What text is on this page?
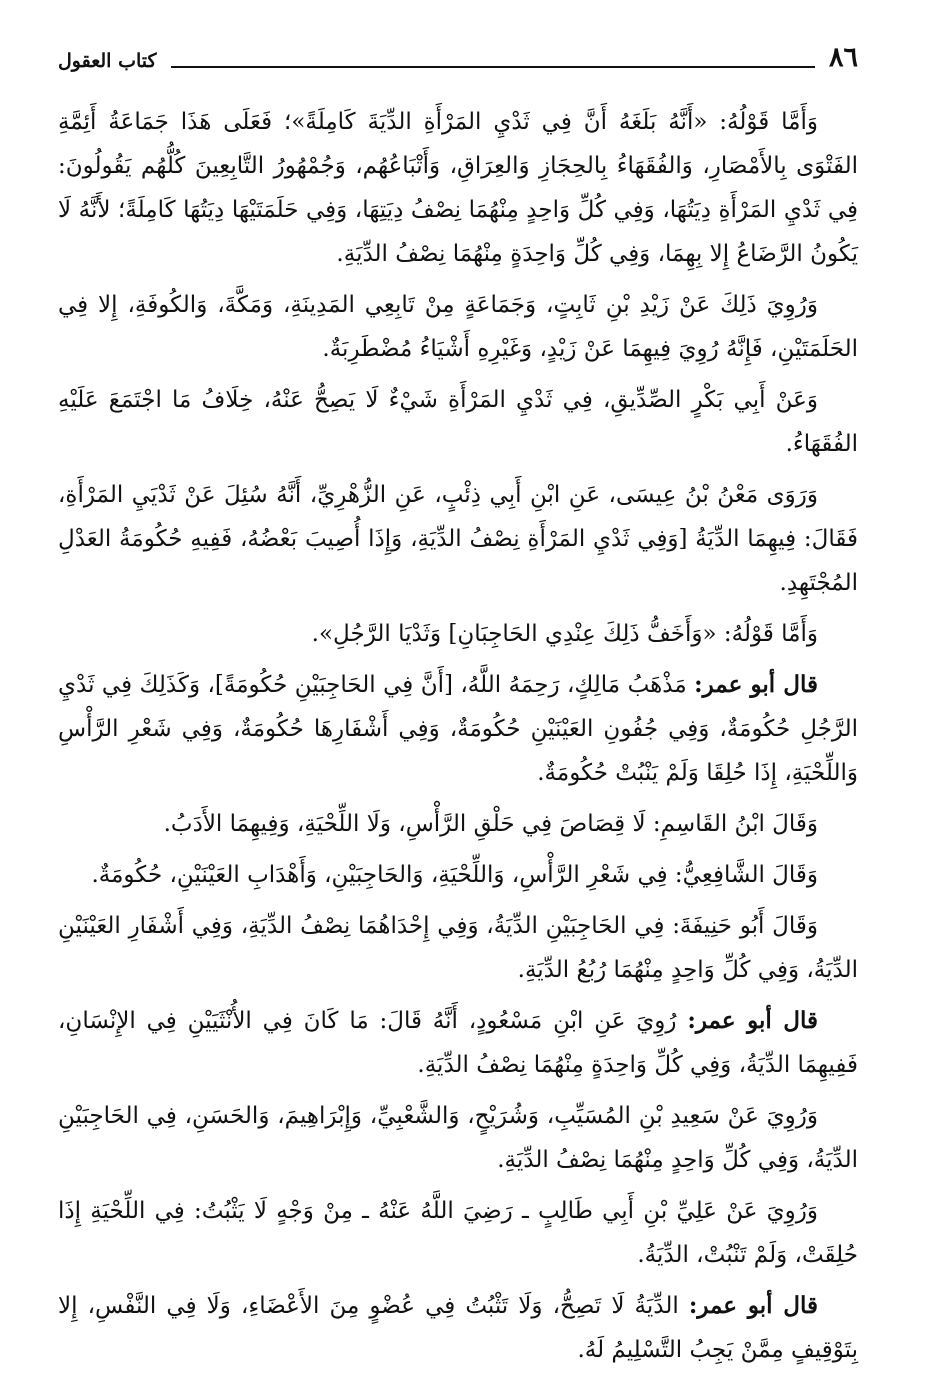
٨٦
كتاب العقول

وَأَمَّا قَوْلُهُ: «أَنَّهُ بَلَغَهُ أَنَّ فِي ثَدْيِ المَرْأَةِ الدِّيَةَ كَامِلَةً»؛ فَعَلَى هَذَا جَمَاعَةُ أَئِمَّةِ الفَتْوَى بِالأَمْصَارِ، وَالفُقَهَاءُ بِالحِجَازِ وَالعِرَاقِ، وَأَتْبَاعُهُم، وَجُمْهُورُ التَّابِعِينَ كُلُّهُم يَقُولُونَ: فِي ثَدْيِ المَرْأَةِ دِيَتُهَا، وَفِي كُلِّ وَاحِدٍ مِنْهُمَا نِصْفُ دِيَتِهَا، وَفِي حَلَمَتَيْهَا دِيَتُهَا كَامِلَةً؛ لأَنَّهُ لَا يَكُونُ الرَّضَاعُ إِلا بِهِمَا، وَفِي كُلِّ وَاحِدَةٍ مِنْهُمَا نِصْفُ الدِّيَةِ.

وَرُوِيَ ذَلِكَ عَنْ زَيْدِ بْنِ ثَابِتٍ، وَجَمَاعَةٍ مِنْ تَابِعِي المَدِينَةِ، وَمَكَّةَ، وَالكُوفَةِ، إِلا فِي الحَلَمَتَيْنِ، فَإِنَّهُ رُوِيَ فِيهِمَا عَنْ زَيْدٍ، وَغَيْرِهِ أَشْيَاءُ مُضْطَرِبَةٌ.

وَعَنْ أَبِي بَكْرٍ الصِّدِّيقِ، فِي ثَدْيِ المَرْأَةِ شَيْءٌ لَا يَصِحُّ عَنْهُ، خِلَافُ مَا اجْتَمَعَ عَلَيْهِ الفُقَهَاءُ.

وَرَوَى مَعْنُ بْنُ عِيسَى، عَنِ ابْنِ أَبِي ذِئْبٍ، عَنِ الزُّهْرِيِّ، أَنَّهُ سُئِلَ عَنْ ثَدْيَيِ المَرْأَةِ، فَقَالَ: فِيهِمَا الدِّيَةُ [وَفِي ثَدْيِ المَرْأَةِ نِصْفُ الدِّيَةِ، وَإِذَا أُصِيبَ بَعْضُهُ، فَفِيهِ حُكُومَةُ العَدْلِ المُجْتَهِدِ.

وَأَمَّا قَوْلُهُ: «وَأَخَفُّ ذَلِكَ عِنْدِي الحَاجِبَانِ] وَثَدْيَا الرَّجُلِ».

قال أبو عمر: مَذْهَبُ مَالِكٍ، رَحِمَهُ اللَّهُ، [أَنَّ فِي الحَاجِبَيْنِ حُكُومَةً]، وَكَذَلِكَ فِي ثَدْيِ الرَّجُلِ حُكُومَةٌ، وَفِي جُفُونِ العَيْنَيْنِ حُكُومَةٌ، وَفِي أَشْفَارِهَا حُكُومَةٌ، وَفِي شَعْرِ الرَّأْسِ وَاللِّحْيَةِ، إِذَا حُلِقَا وَلَمْ يَنْبُتْ حُكُومَةٌ.

وَقَالَ ابْنُ القَاسِمِ: لَا قِصَاصَ فِي حَلْقِ الرَّأْسِ، وَلَا اللِّحْيَةِ، وَفِيهِمَا الأَدَبُ.

وَقَالَ الشَّافِعِيُّ: فِي شَعْرِ الرَّأْسِ، وَاللِّحْيَةِ، وَالحَاجِبَيْنِ، وَأَهْدَابِ العَيْنَيْنِ، حُكُومَةٌ.

وَقَالَ أَبُو حَنِيفَةَ: فِي الحَاجِبَيْنِ الدِّيَةُ، وَفِي إِحْدَاهُمَا نِصْفُ الدِّيَةِ، وَفِي أَشْفَارِ العَيْنَيْنِ الدِّيَةُ، وَفِي كُلِّ وَاحِدٍ مِنْهُمَا رُبُعُ الدِّيَةِ.

قال أبو عمر: رُوِيَ عَنِ ابْنِ مَسْعُودٍ، أَنَّهُ قَالَ: مَا كَانَ فِي الأُنْثَيَيْنِ فِي الإِنْسَانِ، فَفِيهِمَا الدِّيَةُ، وَفِي كُلِّ وَاحِدَةٍ مِنْهُمَا نِصْفُ الدِّيَةِ.

وَرُوِيَ عَنْ سَعِيدِ بْنِ المُسَيِّبِ، وَشُرَيْحٍ، وَالشَّعْبِيِّ، وَإِبْرَاهِيمَ، وَالحَسَنِ، فِي الحَاجِبَيْنِ الدِّيَةُ، وَفِي كُلِّ وَاحِدٍ مِنْهُمَا نِصْفُ الدِّيَةِ.

وَرُوِيَ عَنْ عَلِيِّ بْنِ أَبِي طَالِبٍ ـ رَضِيَ اللَّهُ عَنْهُ ـ مِنْ وَجْهٍ لَا يَثْبُتُ: فِي اللِّحْيَةِ إِذَا حُلِقَتْ، وَلَمْ تَنْبُتْ، الدِّيَةُ.

قال أبو عمر: الدِّيَةُ لَا تَصِحُّ، وَلَا تَثْبُتُ فِي عُضْوٍ مِنَ الأَعْضَاءِ، وَلَا فِي النَّفْسِ، إِلا بِتَوْقِيفٍ مِمَّنْ يَجِبُ التَّسْلِيمُ لَهُ.
